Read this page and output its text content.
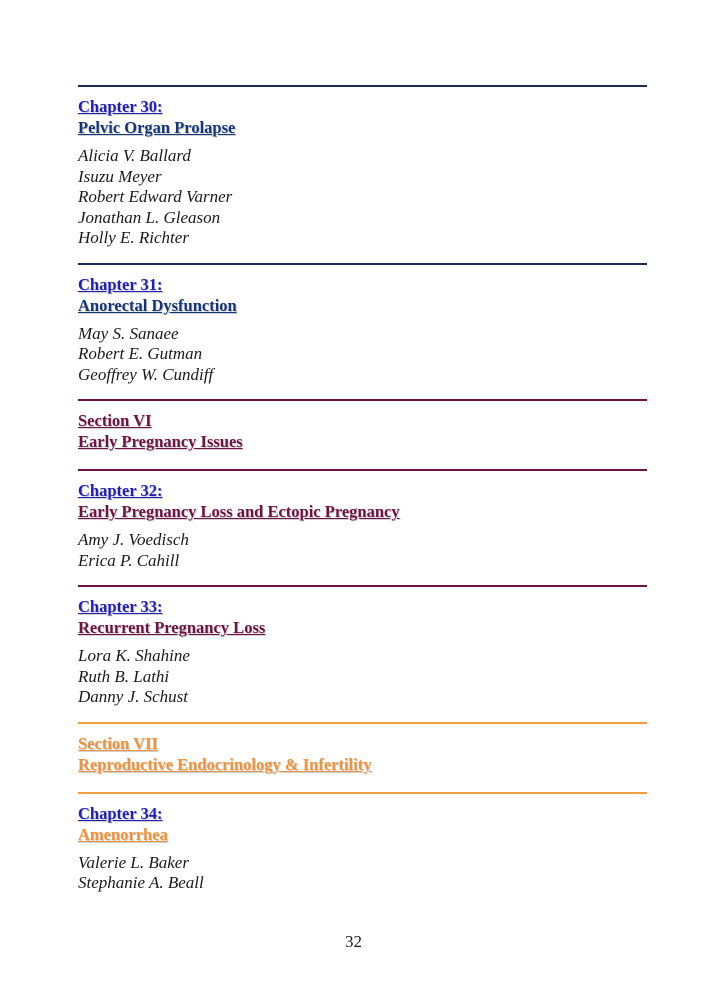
Chapter 30:
Pelvic Organ Prolapse
Alicia V. Ballard
Isuzu Meyer
Robert Edward Varner
Jonathan L. Gleason
Holly E. Richter
Chapter 31:
Anorectal Dysfunction
May S. Sanaee
Robert E. Gutman
Geoffrey W. Cundiff
Section VI
Early Pregnancy Issues
Chapter 32:
Early Pregnancy Loss and Ectopic Pregnancy
Amy J. Voedisch
Erica P. Cahill
Chapter 33:
Recurrent Pregnancy Loss
Lora K. Shahine
Ruth B. Lathi
Danny J. Schust
Section VII
Reproductive Endocrinology & Infertility
Chapter 34:
Amenorrhea
Valerie L. Baker
Stephanie A. Beall
32
